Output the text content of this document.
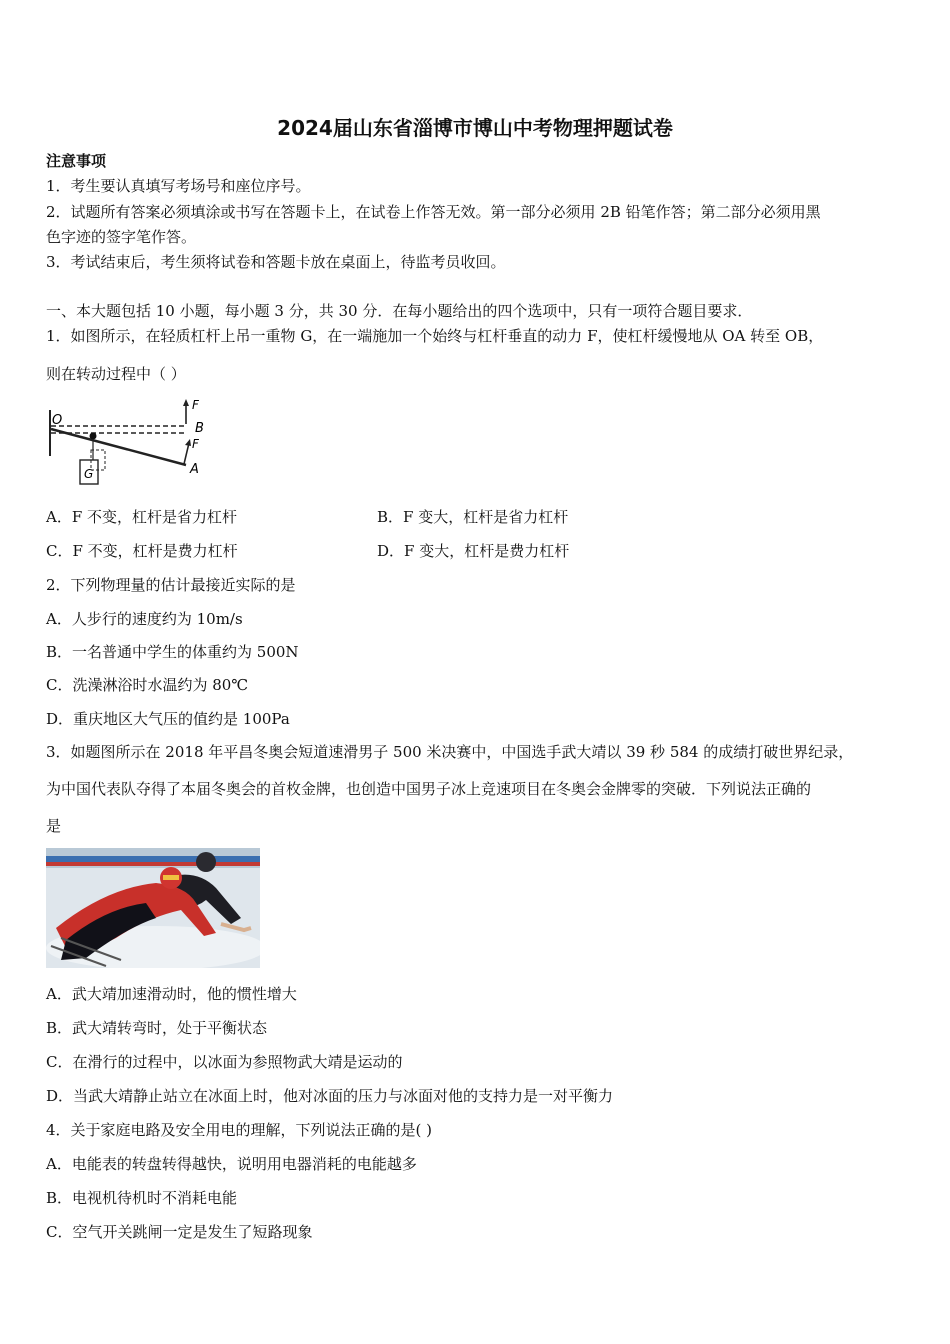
2024届山东省淄博市博山中考物理押题试卷
注意事项
1．考生要认真填写考场号和座位序号。
2．试题所有答案必须填涂或书写在答题卡上，在试卷上作答无效。第一部分必须用 2B 铅笔作答；第二部分必须用黑
色字迹的签字笔作答。
3．考试结束后，考生须将试卷和答题卡放在桌面上，待监考员收回。
一、本大题包括 10 小题，每小题 3 分，共 30 分．在每小题给出的四个选项中，只有一项符合题目要求．
1．如图所示，在轻质杠杆上吊一重物 G，在一端施加一个始终与杠杆垂直的动力 F，使杠杆缓慢地从 OA 转至 OB，
则在转动过程中（ ）
O
B
A
F
F
G
A．F 不变，杠杆是省力杠杆	B．F 变大，杠杆是省力杠杆
C．F 不变，杠杆是费力杠杆	D．F 变大，杠杆是费力杠杆
2．下列物理量的估计最接近实际的是
A．人步行的速度约为 10m/s
B．一名普通中学生的体重约为 500N
C．洗澡淋浴时水温约为 80℃
D．重庆地区大气压的值约是 100Pa
3．如题图所示在 2018 年平昌冬奥会短道速滑男子 500 米决赛中，中国选手武大靖以 39 秒 584 的成绩打破世界纪录，
为中国代表队夺得了本届冬奥会的首枚金牌，也创造中国男子冰上竞速项目在冬奥会金牌零的突破．下列说法正确的
是
A．武大靖加速滑动时，他的惯性增大
B．武大靖转弯时，处于平衡状态
C．在滑行的过程中，以冰面为参照物武大靖是运动的
D．当武大靖静止站立在冰面上时，他对冰面的压力与冰面对他的支持力是一对平衡力
4．关于家庭电路及安全用电的理解，下列说法正确的是( )
A．电能表的转盘转得越快，说明用电器消耗的电能越多
B．电视机待机时不消耗电能
C．空气开关跳闸一定是发生了短路现象
